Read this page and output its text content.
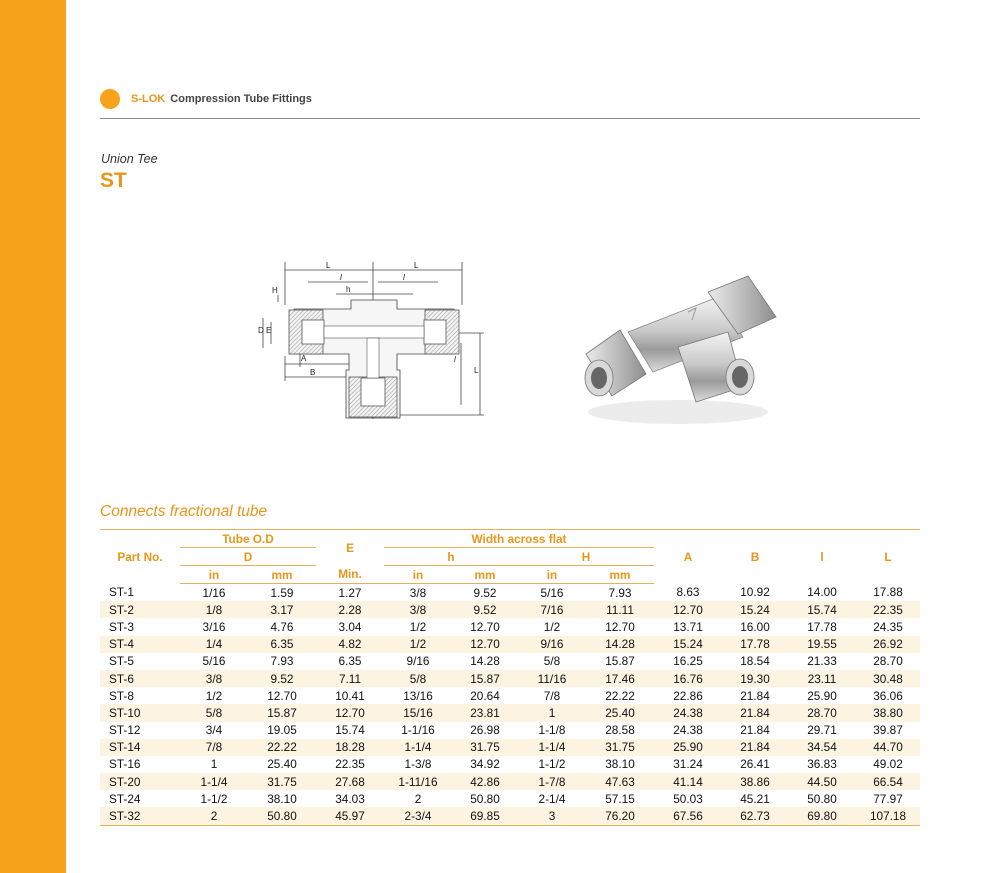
S-LOK Compression Tube Fittings
Union Tee
ST
L	L
l	l
h
H
D E
A
B
l
L
Connects fractional tube
Part No.	Tube O.D		E	Width across flat				A	B	l	L
	D			h		H					
	in	mm	Min.	in	mm	in	mm				
ST-1	1/16	1.59	1.27	3/8	9.52	5/16	7.93	8.63	10.92	14.00	17.88
ST-2	1/8	3.17	2.28	3/8	9.52	7/16	11.11	12.70	15.24	15.74	22.35
ST-3	3/16	4.76	3.04	1/2	12.70	1/2	12.70	13.71	16.00	17.78	24.35
ST-4	1/4	6.35	4.82	1/2	12.70	9/16	14.28	15.24	17.78	19.55	26.92
ST-5	5/16	7.93	6.35	9/16	14.28	5/8	15.87	16.25	18.54	21.33	28.70
ST-6	3/8	9.52	7.11	5/8	15.87	11/16	17.46	16.76	19.30	23.11	30.48
ST-8	1/2	12.70	10.41	13/16	20.64	7/8	22.22	22.86	21.84	25.90	36.06
ST-10	5/8	15.87	12.70	15/16	23.81	1	25.40	24.38	21.84	28.70	38.80
ST-12	3/4	19.05	15.74	1-1/16	26.98	1-1/8	28.58	24.38	21.84	29.71	39.87
ST-14	7/8	22.22	18.28	1-1/4	31.75	1-1/4	31.75	25.90	21.84	34.54	44.70
ST-16	1	25.40	22.35	1-3/8	34.92	1-1/2	38.10	31.24	26.41	36.83	49.02
ST-20	1-1/4	31.75	27.68	1-11/16	42.86	1-7/8	47.63	41.14	38.86	44.50	66.54
ST-24	1-1/2	38.10	34.03	2	50.80	2-1/4	57.15	50.03	45.21	50.80	77.97
ST-32	2	50.80	45.97	2-3/4	69.85	3	76.20	67.56	62.73	69.80	107.18
